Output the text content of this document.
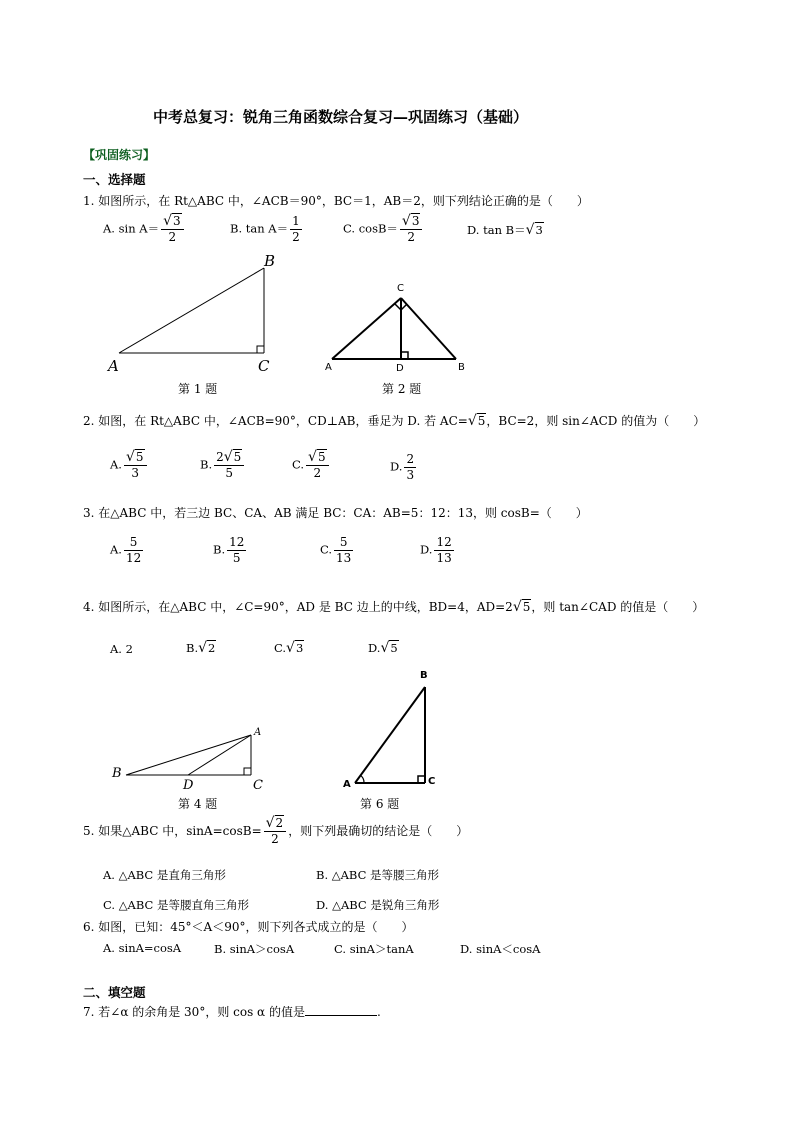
中考总复习：锐角三角函数综合复习—巩固练习（基础）
【巩固练习】
一、选择题
1. 如图所示，在 Rt△ABC 中，∠ACB＝90°，BC＝1，AB＝2，则下列结论正确的是（　　）
A. $\sin A= \frac{√3}{2}$	B. $\tan A= \frac{1}{2}$	C. $\cos B= \frac{√3}{2}$	D. tan B＝√3
A
B
C
第 1 题
C
A	D	B
第 2 题
2. 如图，在 Rt△ABC 中，∠ACB=90°，CD⊥AB，垂足为 D. 若 AC=√5，BC=2，则 sin∠ACD 的值为（　　）
A. $\frac{√5}{3}$	B. $\frac{2√5}{5}$	C. $\frac{√5}{2}$	D. $\frac{2}{3}$
3. 在△ABC 中，若三边 BC、CA、AB 满足 BC：CA：AB=5：12：13，则 cosB=（　　）
A. $\frac{5}{12}$	B. $\frac{12}{5}$	C. $\frac{5}{13}$	D. $\frac{12}{13}$
4. 如图所示，在△ABC 中，∠C=90°，AD 是 BC 边上的中线，BD=4，AD=2√5，则 tan∠CAD 的值是（　　）
A. 2	B.√2	C.√3	D.√5
A
B
D	C
第 4 题
B
A	C
第 6 题
5. 如果△ABC 中，$\sin A=\cos B= \frac{√2}{2}$ ，则下列最确切的结论是（　　）
A. △ABC 是直角三角形	B. △ABC 是等腰三角形
C. △ABC 是等腰直角三角形	D. △ABC 是锐角三角形
6. 如图，已知：45°＜A＜90°，则下列各式成立的是（　　）
A. sinA=cosA	B. sinA＞cosA	C. sinA＞tanA	D. sinA＜cosA
二、填空题
7. 若∠α 的余角是 30°，则 cos α 的值是	.
